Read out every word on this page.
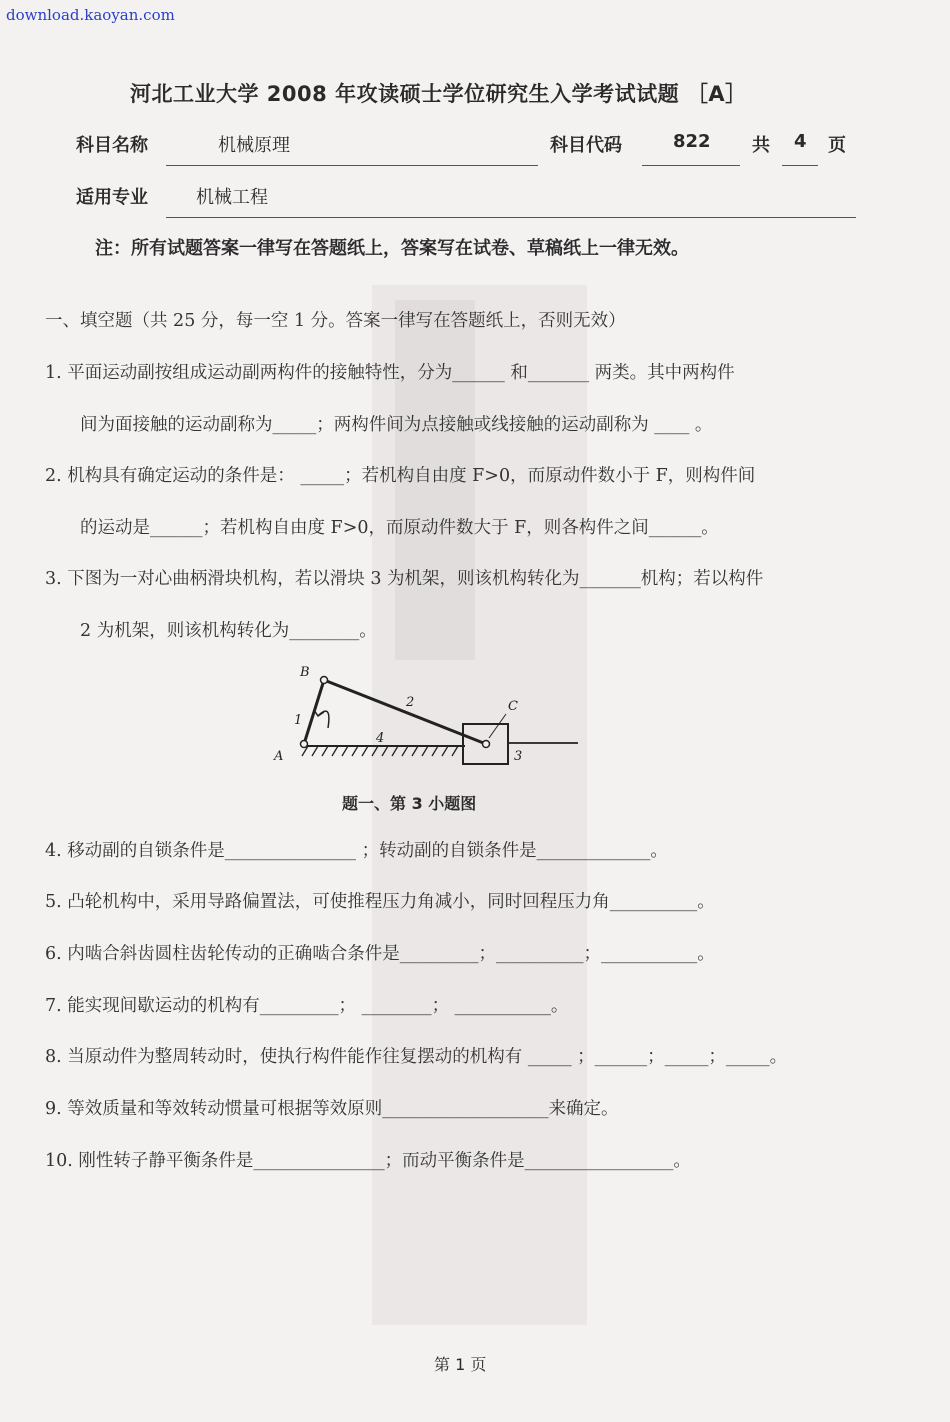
download.kaoyan.com
河北工业大学 2008 年攻读硕士学位研究生入学考试试题 ［A］
科目名称	机械原理	科目代码	822 共 4 页
适用专业	机械工程
注：所有试题答案一律写在答题纸上，答案写在试卷、草稿纸上一律无效。
一、填空题（共 25 分，每一空 1 分。答案一律写在答题纸上，否则无效）
1. 平面运动副按组成运动副两构件的接触特性，分为______ 和_______ 两类。其中两构件
间为面接触的运动副称为_____；两构件间为点接触或线接触的运动副称为 ____ 。
2. 机构具有确定运动的条件是： _____；若机构自由度 F>0，而原动件数小于 F，则构件间
的运动是______；若机构自由度 F>0，而原动件数大于 F，则各构件之间______。
3. 下图为一对心曲柄滑块机构，若以滑块 3 为机架，则该机构转化为_______机构；若以构件
2 为机架，则该机构转化为________。
B
A
C
1
2
4
3
题一、第 3 小题图
4. 移动副的自锁条件是_______________ ；转动副的自锁条件是_____________。
5. 凸轮机构中，采用导路偏置法，可使推程压力角减小，同时回程压力角__________。
6. 内啮合斜齿圆柱齿轮传动的正确啮合条件是_________；__________；___________。
7. 能实现间歇运动的机构有_________； ________； ___________。
8. 当原动件为整周转动时，使执行构件能作往复摆动的机构有 _____ ；______；_____；_____。
9. 等效质量和等效转动惯量可根据等效原则___________________来确定。
10. 刚性转子静平衡条件是_______________；而动平衡条件是_________________。
第 1 页
